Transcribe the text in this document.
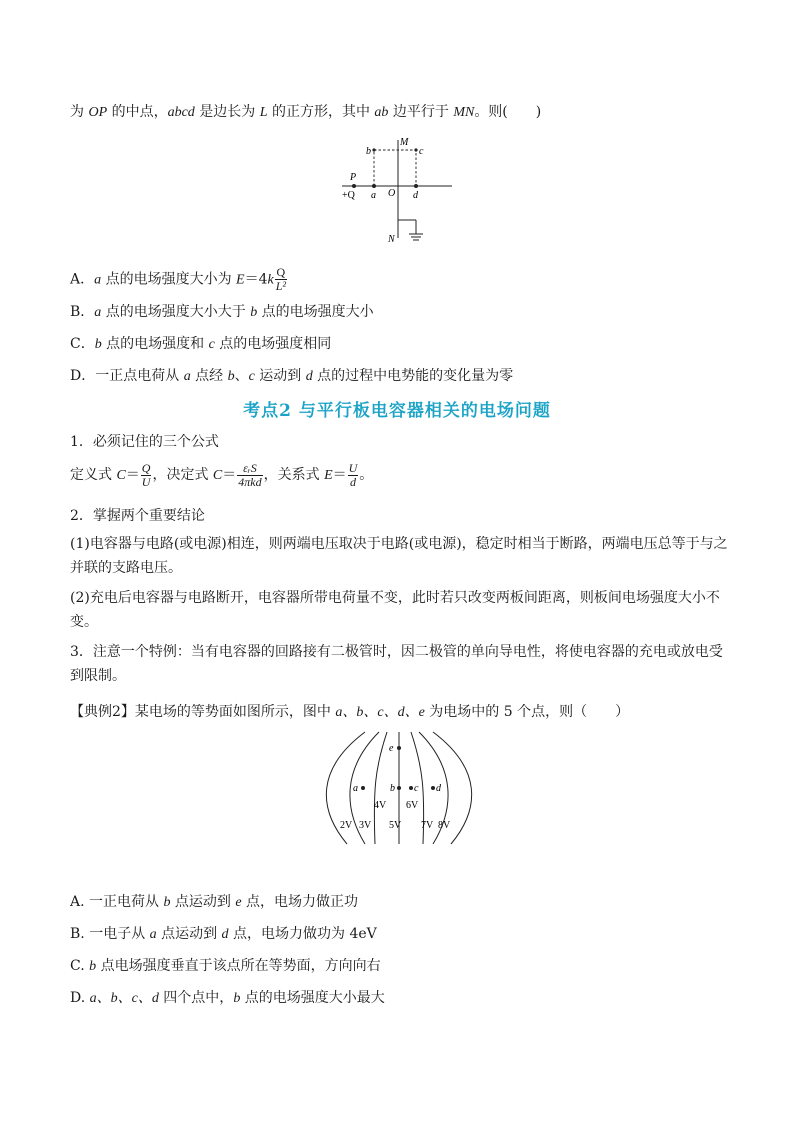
为 OP 的中点，abcd 是边长为 L 的正方形，其中 ab 边平行于 MN。则(　　)
M
b	c
P
+Q a O d
N
A．a 点的电场强度大小为 $E=4k \frac{Q}{\text{L²}}$
B．a 点的电场强度大小大于 b 点的电场强度大小
C．b 点的电场强度和 c 点的电场强度相同
D．一正点电荷从 a 点经 b、c 运动到 d 点的过程中电势能的变化量为零
考点2 与平行板电容器相关的电场问题
1．必须记住的三个公式
定义式 $C= \frac{Q}{U}$ ，决定式 $C= \frac{\text{εᵣS}}{\text{4πkd}}$ ，关系式 $E= \frac{U}{d}$ 。
2．掌握两个重要结论
(1)电容器与电路(或电源)相连，则两端电压取决于电路(或电源)，稳定时相当于断路，两端电压总等于与之
并联的支路电压。
(2)充电后电容器与电路断开，电容器所带电荷量不变，此时若只改变两板间距离，则板间电场强度大小不
变。
3．注意一个特例：当有电容器的回路接有二极管时，因二极管的单向导电性，将使电容器的充电或放电受
到限制。
【典例2】某电场的等势面如图所示，图中 a、b、c、d、e 为电场中的 5 个点，则（　　）
e
a	b c d
4V 6V
2V 3V 5V 7V 8V
A. 一正电荷从 b 点运动到 e 点，电场力做正功
B. 一电子从 a 点运动到 d 点，电场力做功为 4eV
C. b 点电场强度垂直于该点所在等势面，方向向右
D. a、b、c、d 四个点中，b 点的电场强度大小最大
